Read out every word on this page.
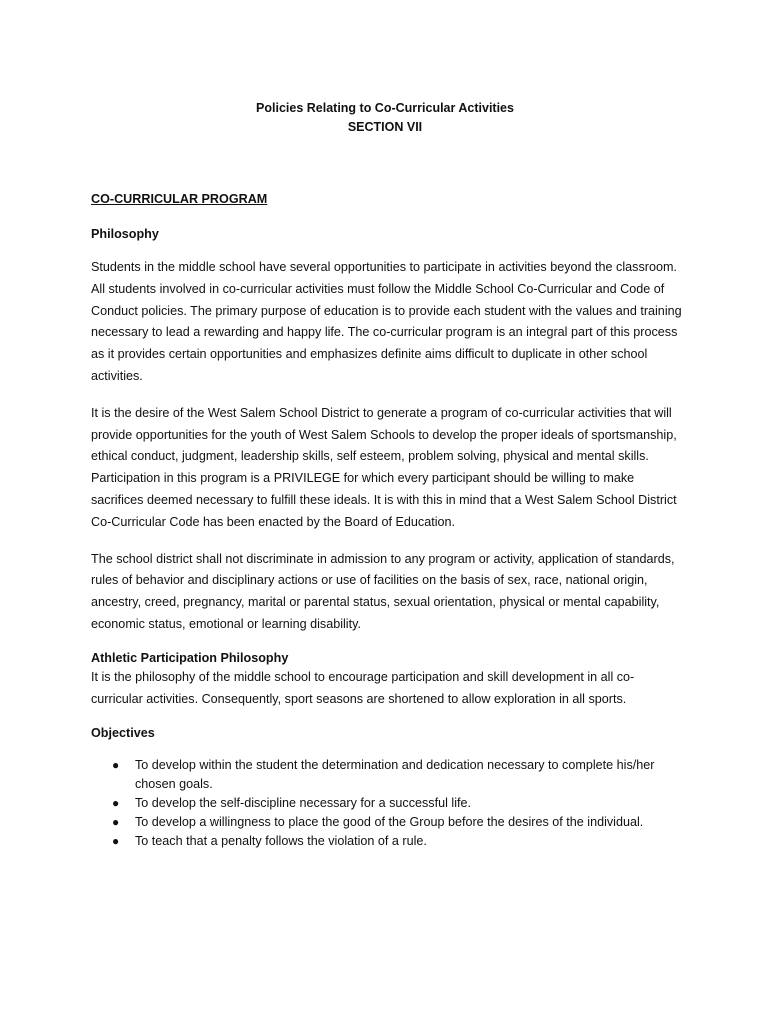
Policies Relating to Co-Curricular Activities
SECTION VII

CO-CURRICULAR PROGRAM

Philosophy

Students in the middle school have several opportunities to participate in activities beyond the classroom. All students involved in co-curricular activities must follow the Middle School Co-Curricular and Code of Conduct policies. The primary purpose of education is to provide each student with the values and training necessary to lead a rewarding and happy life. The co-curricular program is an integral part of this process as it provides certain opportunities and emphasizes definite aims difficult to duplicate in other school activities.

It is the desire of the West Salem School District to generate a program of co-curricular activities that will provide opportunities for the youth of West Salem Schools to develop the proper ideals of sportsmanship, ethical conduct, judgment, leadership skills, self esteem, problem solving, physical and mental skills. Participation in this program is a PRIVILEGE for which every participant should be willing to make sacrifices deemed necessary to fulfill these ideals. It is with this in mind that a West Salem School District Co-Curricular Code has been enacted by the Board of Education.

The school district shall not discriminate in admission to any program or activity, application of standards, rules of behavior and disciplinary actions or use of facilities on the basis of sex, race, national origin, ancestry, creed, pregnancy, marital or parental status, sexual orientation, physical or mental capability, economic status, emotional or learning disability.

Athletic Participation Philosophy

It is the philosophy of the middle school to encourage participation and skill development in all co-curricular activities. Consequently, sport seasons are shortened to allow exploration in all sports.

Objectives

● To develop within the student the determination and dedication necessary to complete his/her chosen goals.
● To develop the self-discipline necessary for a successful life.
● To develop a willingness to place the good of the Group before the desires of the individual.
● To teach that a penalty follows the violation of a rule.
